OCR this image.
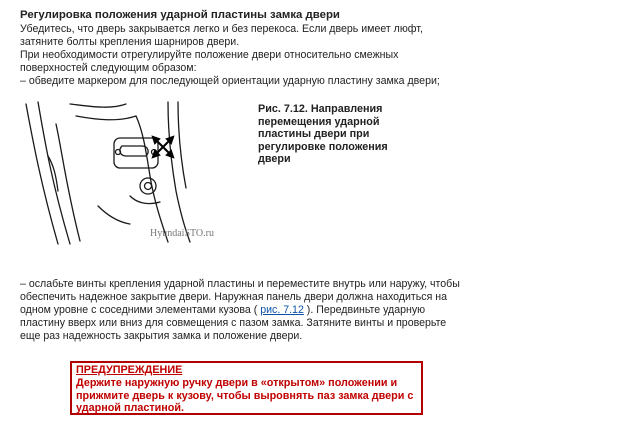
Регулировка положения ударной пластины замка двери
Убедитесь, что дверь закрывается легко и без перекоса. Если дверь имеет люфт,
затяните болты крепления шарниров двери.
При необходимости отрегулируйте положение двери относительно смежных
поверхностей следующим образом:
– обведите маркером для последующей ориентации ударную пластину замка двери;
HyundaiSTO.ru
Рис. 7.12. Направления перемещения ударной пластины двери при регулировке положения двери
– ослабьте винты крепления ударной пластины и переместите внутрь или наружу, чтобы
обеспечить надежное закрытие двери. Наружная панель двери должна находиться на
одном уровне с соседними элементами кузова ( рис. 7.12 ). Передвиньте ударную
пластину вверх или вниз для совмещения с пазом замка. Затяните винты и проверьте
еще раз надежность закрытия замка и положение двери.
ПРЕДУПРЕЖДЕНИЕ
Держите наружную ручку двери в «открытом» положении и прижмите дверь к кузову, чтобы выровнять паз замка двери с ударной пластиной.
